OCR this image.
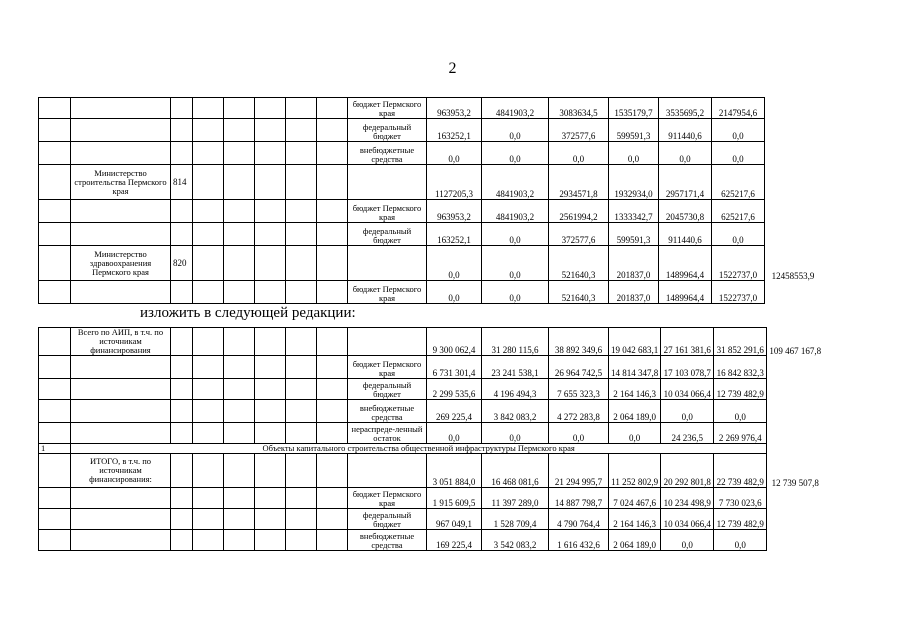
2
								бюджет Пермского края	963953,2	4841903,2	3083634,5	1535179,7	3535695,2	2147954,6	
								федеральный бюджет	163252,1	0,0	372577,6	599591,3	911440,6	0,0	
								внебюджетные средства	0,0	0,0	0,0	0,0	0,0	0,0	
	Министерство строительства Пермского края	814							1127205,3	4841903,2	2934571,8	1932934,0	2957171,4	625217,6	
								бюджет Пермского края	963953,2	4841903,2	2561994,2	1333342,7	2045730,8	625217,6	
								федеральный бюджет	163252,1	0,0	372577,6	599591,3	911440,6	0,0	
	Министерство здравоохранения Пермского края	820							0,0	0,0	521640,3	201837,0	1489964,4	1522737,0	12458553,9
								бюджет Пермского края	0,0	0,0	521640,3	201837,0	1489964,4	1522737,0	
изложить в следующей редакции:
	Всего по АИП, в т.ч. по источникам финансирования								9 300 062,4	31 280 115,6	38 892 349,6	19 042 683,1	27 161 381,6	31 852 291,6	109 467 167,8
								бюджет Пермского края	6 731 301,4	23 241 538,1	26 964 742,5	14 814 347,8	17 103 078,7	16 842 832,3	
								федеральный бюджет	2 299 535,6	4 196 494,3	7 655 323,3	2 164 146,3	10 034 066,4	12 739 482,9	
								внебюджетные средства	269 225,4	3 842 083,2	4 272 283,8	2 064 189,0	0,0	0,0	
								нераспреде-ленный остаток	0,0	0,0	0,0	0,0	24 236,5	2 269 976,4	
1	Объекты капитального строительства общественной инфраструктуры Пермского края														
	ИТОГО, в т.ч. по источникам финансирования:								3 051 884,0	16 468 081,6	21 294 995,7	11 252 802,9	20 292 801,8	22 739 482,9	12 739 507,8
								бюджет Пермского края	1 915 609,5	11 397 289,0	14 887 798,7	7 024 467,6	10 234 498,9	7 730 023,6	
								федеральный бюджет	967 049,1	1 528 709,4	4 790 764,4	2 164 146,3	10 034 066,4	12 739 482,9	
								внебюджетные средства	169 225,4	3 542 083,2	1 616 432,6	2 064 189,0	0,0	0,0	
